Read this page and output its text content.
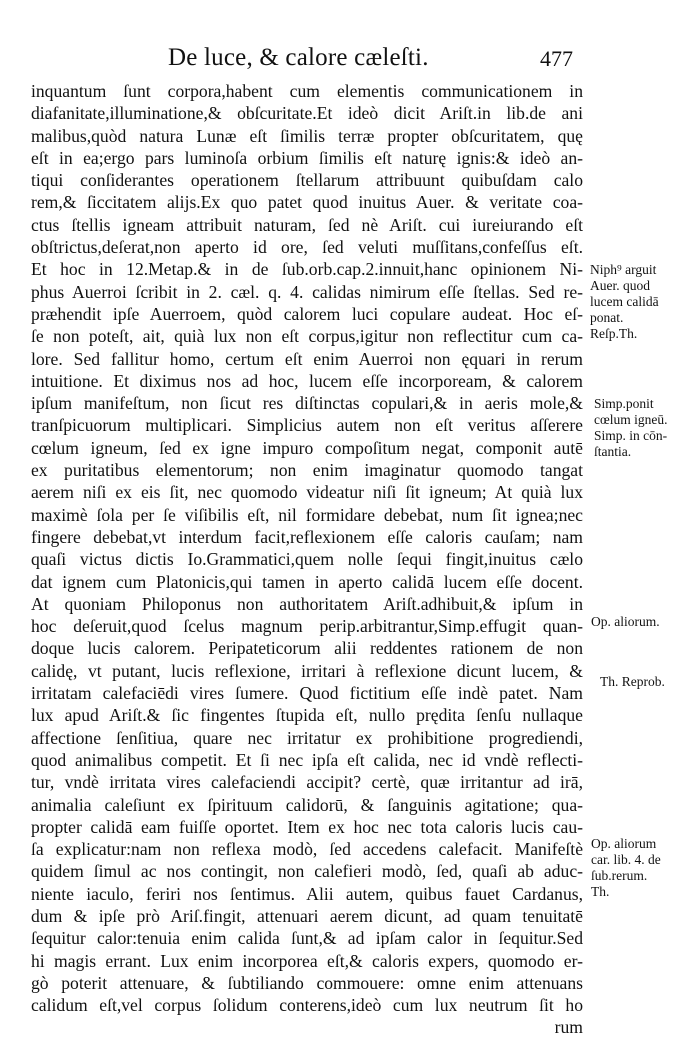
De luce, & calore cæleſti.	477
inquantum ſunt corpora,habent cum elementis communicationem in
diafanitate,illuminatione,& obſcuritate.Et ideò dicit Ariſt.in lib.de ani
malibus,quòd natura Lunæ eſt ſimilis terræ propter obſcuritatem, quę
eſt in ea;ergo pars luminoſa orbium ſimilis eſt naturę ignis:& ideò an-
tiqui conſiderantes operationem ſtellarum attribuunt quibuſdam calo
rem,& ſiccitatem alijs.Ex quo patet quod inuitus Auer. & veritate coa-
ctus ſtellis igneam attribuit naturam, ſed nè Ariſt. cui iureiurando eſt
obſtrictus,deſerat,non aperto id ore, ſed veluti muſſitans,confeſſus eſt.
Et hoc in 12.Metap.& in de ſub.orb.cap.2.innuit,hanc opinionem Ni-
phus Auerroi ſcribit in 2. cæl. q. 4. calidas nimirum eſſe ſtellas. Sed re-
præhendit ipſe Auerroem, quòd calorem luci copulare audeat. Hoc eſ-
ſe non poteſt, ait, quià lux non eſt corpus,igitur non reflectitur cum ca-
lore. Sed fallitur homo, certum eſt enim Auerroi non ęquari in rerum
intuitione. Et diximus nos ad hoc, lucem eſſe incorpoream, & calorem
ipſum manifeſtum, non ſicut res diſtinctas copulari,& in aeris mole,&
tranſpicuorum multiplicari. Simplicius autem non eſt veritus aſſerere
cœlum igneum, ſed ex igne impuro compoſitum negat, componit autē
ex puritatibus elementorum; non enim imaginatur quomodo tangat
aerem niſi ex eis ſit, nec quomodo videatur niſi ſit igneum; At quià lux
maximè ſola per ſe viſibilis eſt, nil formidare debebat, num ſit ignea;nec
fingere debebat,vt interdum facit,reflexionem eſſe caloris cauſam; nam
quaſi victus dictis Io.Grammatici,quem nolle ſequi fingit,inuitus cælo
dat ignem cum Platonicis,qui tamen in aperto calidā lucem eſſe docent.
At quoniam Philoponus non authoritatem Ariſt.adhibuit,& ipſum in
hoc deſeruit,quod ſcelus magnum perip.arbitrantur,Simp.effugit quan-
doque lucis calorem. Peripateticorum alii reddentes rationem de non
calidę, vt putant, lucis reflexione, irritari à reflexione dicunt lucem, &
irritatam calefaciēdi vires ſumere. Quod fictitium eſſe indè patet. Nam
lux apud Ariſt.& ſic fingentes ſtupida eſt, nullo prędita ſenſu nullaque
affectione ſenſitiua, quare nec irritatur ex prohibitione progrediendi,
quod animalibus competit. Et ſi nec ipſa eſt calida, nec id vndè reflecti-
tur, vndè irritata vires calefaciendi accipit? certè, quæ irritantur ad irā,
animalia caleſiunt ex ſpirituum calidorū, & ſanguinis agitatione; qua-
propter calidā eam fuiſſe oportet. Item ex hoc nec tota caloris lucis cau-
ſa explicatur:nam non reflexa modò, ſed accedens calefacit. Manifeſtè
quidem ſimul ac nos contingit, non calefieri modò, ſed, quaſi ab aduc-
niente iaculo, feriri nos ſentimus. Alii autem, quibus fauet Cardanus,
dum & ipſe prò Ariſ.fingit, attenuari aerem dicunt, ad quam tenuitatē
ſequitur calor:tenuia enim calida ſunt,& ad ipſam calor in ſequitur.Sed
hi magis errant. Lux enim incorporea eſt,& caloris expers, quomodo er-
gò poterit attenuare, & ſubtiliando commouere: omne enim attenuans
calidum eſt,vel corpus ſolidum conterens,ideò cum lux neutrum ſit ho
rum
Niph⁹ arguit
Auer. quod
lucem calidā
ponat.
Reſp.Th.
Simp.ponit
cœlum igneū.
Simp. in cōn-
ſtantia.
Op. aliorum.
Th. Reprob.
Op. aliorum
car. lib. 4. de
ſub.rerum.
Th.
